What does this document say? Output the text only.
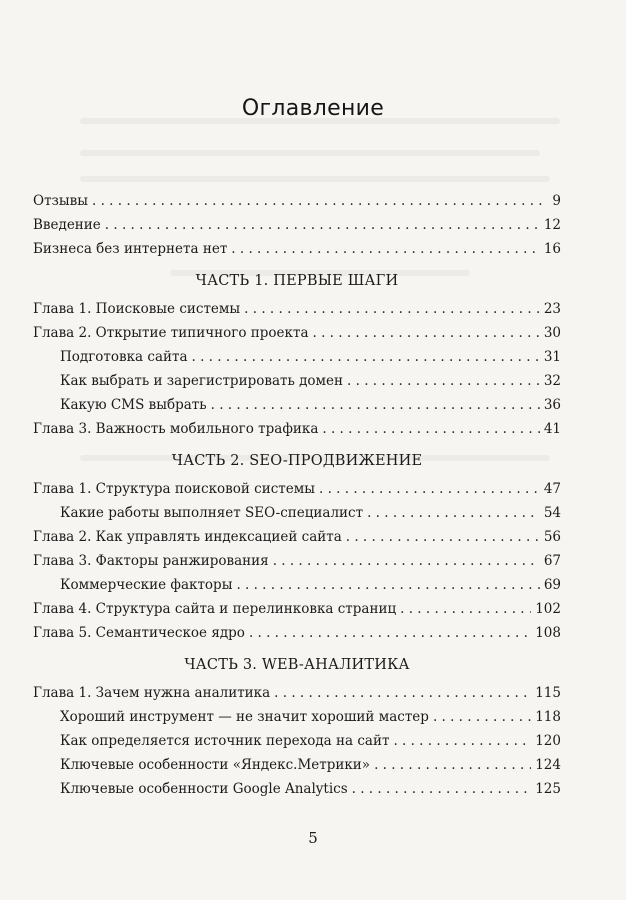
Оглавление
Отзывы . . .	9
Введение . . .	12
Бизнеса без интернета нет . . .	16
ЧАСТЬ 1. ПЕРВЫЕ ШАГИ
Глава 1. Поисковые системы . . .	23
Глава 2. Открытие типичного проекта . . .	30
Подготовка сайта . . .	31
Как выбрать и зарегистрировать домен . . .	32
Какую CMS выбрать . . .	36
Глава 3. Важность мобильного трафика . . .	41
ЧАСТЬ 2. SEO-ПРОДВИЖЕНИЕ
Глава 1. Структура поисковой системы . . .	47
Какие работы выполняет SEO-специалист . . .	54
Глава 2. Как управлять индексацией сайта . . .	56
Глава 3. Факторы ранжирования . . .	67
Коммерческие факторы . . .	69
Глава 4. Структура сайта и перелинковка страниц . . .	102
Глава 5. Семантическое ядро . . .	108
ЧАСТЬ 3. WEB-АНАЛИТИКА
Глава 1. Зачем нужна аналитика . . .	115
Хороший инструмент — не значит хороший мастер . . .	118
Как определяется источник перехода на сайт . . .	120
Ключевые особенности «Яндекс.Метрики» . . .	124
Ключевые особенности Google Analytics . . .	125
5
